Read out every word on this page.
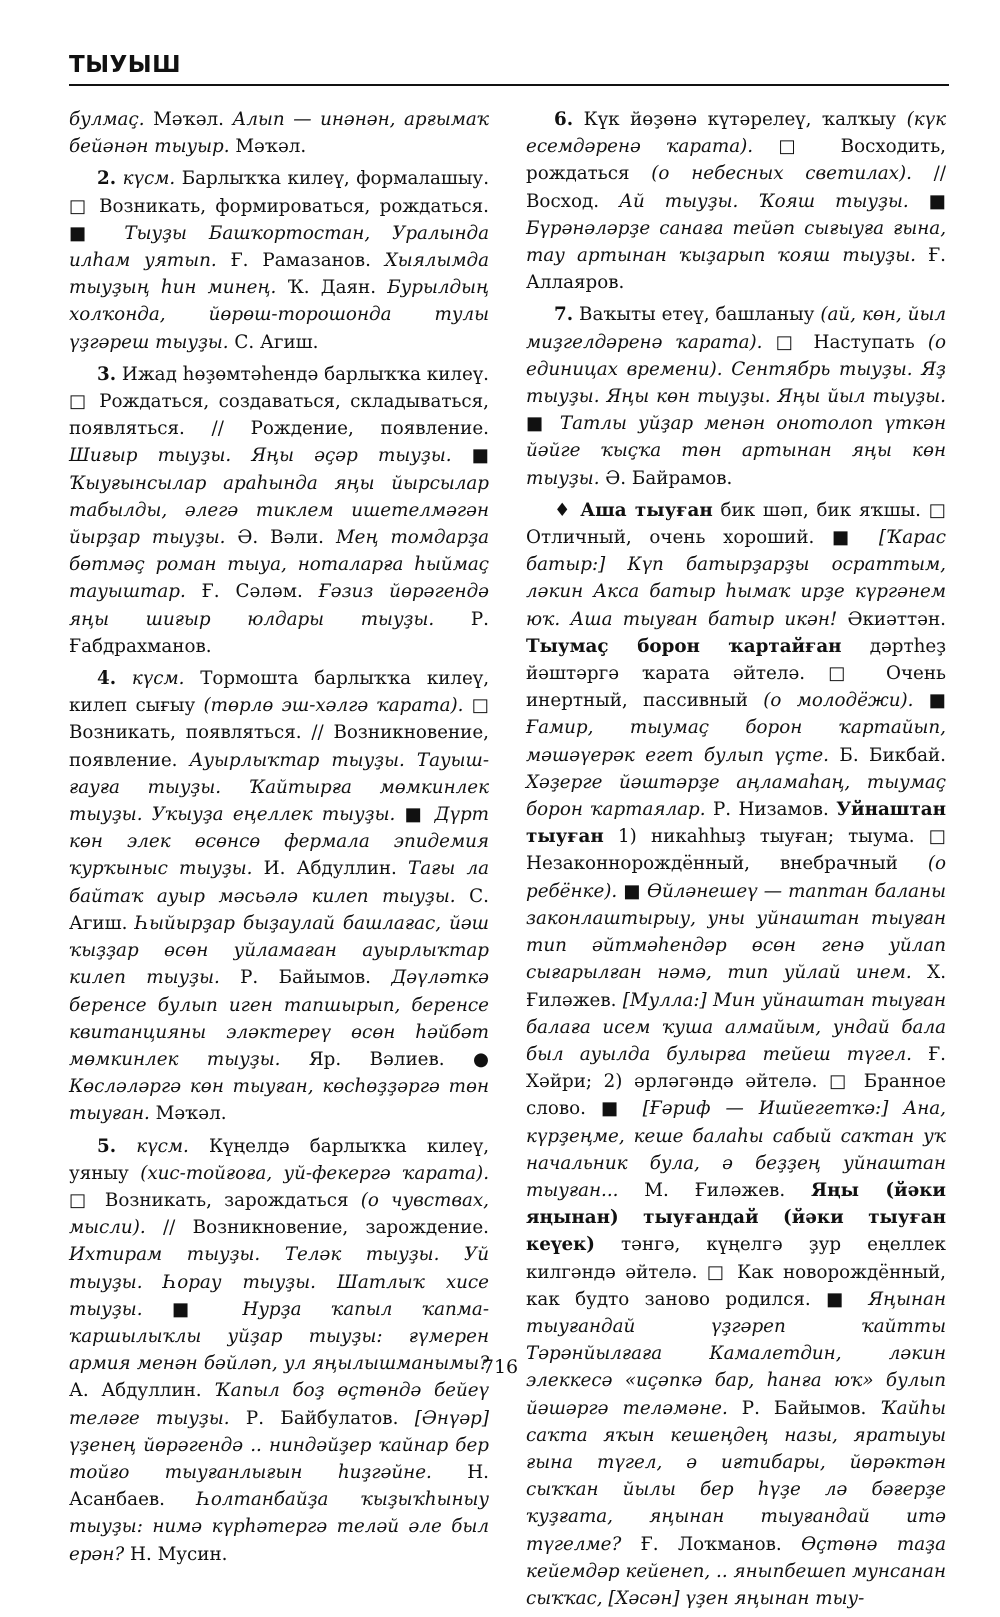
ТЫУЫШ

булмаҫ. Мәҡәл. Алып — инәнән, арғымаҡ бейәнән тыуыр. Мәҡәл.

2. күсм. Барлыҡҡа килеү, формалашыу. □ Возникать, формироваться, рождаться. ■ Тыуҙы Башҡортостан, Уралында илһам уятып. Ғ. Рамазанов. Хыялымда тыуҙың һин минең. Ҡ. Даян. Бурылдың холҡонда, йөрөш-торошонда тулы үҙгәреш тыуҙы. С. Агиш.

3. Ижад һөҙөмтәһендә барлыҡҡа килеү. □ Рождаться, создаваться, складываться, появляться. // Рождение, появление. Шиғыр тыуҙы. Яңы әҫәр тыуҙы. ■ Ҡыуғынсылар араһында яңы йырсылар табылды, әлегә тиклем ишетелмәгән йырҙар тыуҙы. Ә. Вәли. Мең томдарҙа бөтмәҫ роман тыуа, ноталарға һыймаҫ тауыштар. Ғ. Сәләм. Ғәзиз йөрәгендә яңы шиғыр юлдары тыуҙы. Р. Ғабдрахманов.

4. күсм. Тормошта барлыҡҡа килеү, килеп сығыу (төрлө эш-хәлгә ҡарата). □ Возникать, появляться. // Возникновение, появление. Ауырлыҡтар тыуҙы. Тауыш-ғауға тыуҙы. Ҡайтырға мөмкинлек тыуҙы. Уҡыуҙа еңеллек тыуҙы. ■ Дүрт көн элек өсөнсө фермала эпидемия ҡурҡыныс тыуҙы. И. Абдуллин. Тағы ла байтаҡ ауыр мәсьәлә килеп тыуҙы. С. Агиш. Һыйырҙар быҙаулай башлағас, йәш ҡыҙҙар өсөн уйламаған ауырлыҡтар килеп тыуҙы. Р. Байымов. Дәүләткә беренсе булып иген тапшырып, беренсе квитанцияны эләктереү өсөн һәйбәт мөмкинлек тыуҙы. Яр. Вәлиев. ● Көсләләргә көн тыуған, көсһөҙҙәргә төн тыуған. Мәҡәл.

5. күсм. Күңелдә барлыҡҡа килеү, уяныу (хис-тойғоға, уй-фекергә ҡарата). □ Возникать, зарождаться (о чувствах, мысли). // Возникновение, зарождение. Ихтирам тыуҙы. Теләк тыуҙы. Уй тыуҙы. Һорау тыуҙы. Шатлыҡ хисе тыуҙы. ■ Нурҙа ҡапыл ҡапма-ҡаршылыҡлы уйҙар тыуҙы: ғүмерен армия менән бәйләп, ул яңылышманымы? А. Абдуллин. Ҡапыл боҙ өҫтөндә бейеү теләге тыуҙы. Р. Байбулатов. [Әнүәр] үҙенең йөрәгендә .. ниндәйҙер ҡайнар бер тойғо тыуғанлығын һиҙгәйне. Н. Асанбаев. Һолтанбайҙа ҡыҙыҡһыныу тыуҙы: нимә күрһәтергә теләй әле был ерән? Н. Мусин.

6. Күк йөҙөнә күтәрелеү, ҡалҡыу (күк есемдәренә ҡарата). □ Восходить, рождаться (о небесных светилах). // Восход. Ай тыуҙы. Ҡояш тыуҙы. ■ Бүрәнәләрҙе санаға тейәп сығыуға ғына, тау артынан ҡыҙарып ҡояш тыуҙы. Ғ. Аллаяров.

7. Ваҡыты етеү, башланыу (ай, көн, йыл миҙгелдәренә ҡарата). □ Наступать (о единицах времени). Сентябрь тыуҙы. Яҙ тыуҙы. Яңы көн тыуҙы. Яңы йыл тыуҙы. ■ Татлы уйҙар менән онотолоп үткән йәйге ҡыҫҡа төн артынан яңы көн тыуҙы. Ә. Байрамов.

♦ Аша тыуған бик шәп, бик яҡшы. □ Отличный, очень хороший. ■ [Ҡарас батыр:] Күп батырҙарҙы осраттым, ләкин Акса батыр һымаҡ ирҙе күргәнем юҡ. Аша тыуған батыр икән! Әкиәттән. Тыумаҫ борон ҡартайған дәртһеҙ йәштәргә ҡарата әйтелә. □ Очень инертный, пассивный (о молодёжи). ■ Ғамир, тыумаҫ борон ҡартайып, мәшәүерәк егет булып үҫте. Б. Бикбай. Хәҙерге йәштәрҙе аңламаһаң, тыумаҫ борон ҡартаялар. Р. Низамов. Уйнаштан тыуған 1) никаһһыҙ тыуған; тыума. □ Незаконнорождённый, внебрачный (о ребёнке). ■ Өйләнешеү — таптан баланы законлаштырыу, уны уйнаштан тыуған тип әйтмәһендәр өсөн генә уйлап сығарылған нәмә, тип уйлай инем. Х. Ғиләжев. [Мулла:] Мин уйнаштан тыуған балаға исем ҡуша алмайым, ундай бала был ауылда булырға тейеш түгел. Ғ. Хәйри; 2) әрләгәндә әйтелә. □ Бранное слово. ■ [Ғәриф — Ишйегетҡә:] Ана, күрҙеңме, кеше балаһы сабый саҡтан уҡ начальник була, ә беҙҙең уйнаштан тыуған... М. Ғиләжев. Яңы (йәки яңынан) тыуғандай (йәки тыуған кеүек) тәнгә, күңелгә ҙур еңеллек килгәндә әйтелә. □ Как новорождённый, как будто заново родился. ■ Яңынан тыуғандай үҙгәреп ҡайтты Тәрәнйылғаға Камалетдин, ләкин элеккесә «иҫәпкә бар, һанға юҡ» булып йәшәргә теләмәне. Р. Байымов. Ҡайһы саҡта яҡын кешеңдең назы, яратыуы ғына түгел, ә иғтибары, йөрәктән сыҡҡан йылы бер һүҙе лә бәғерҙе ҡуҙғата, яңынан тыуғандай итә түгелме? Ғ. Лоҡманов. Өҫтөнә таҙа кейемдәр кейенеп, .. яныпбешеп мунсанан сыҡҡас, [Хәсән] үҙен яңынан тыу-

716
